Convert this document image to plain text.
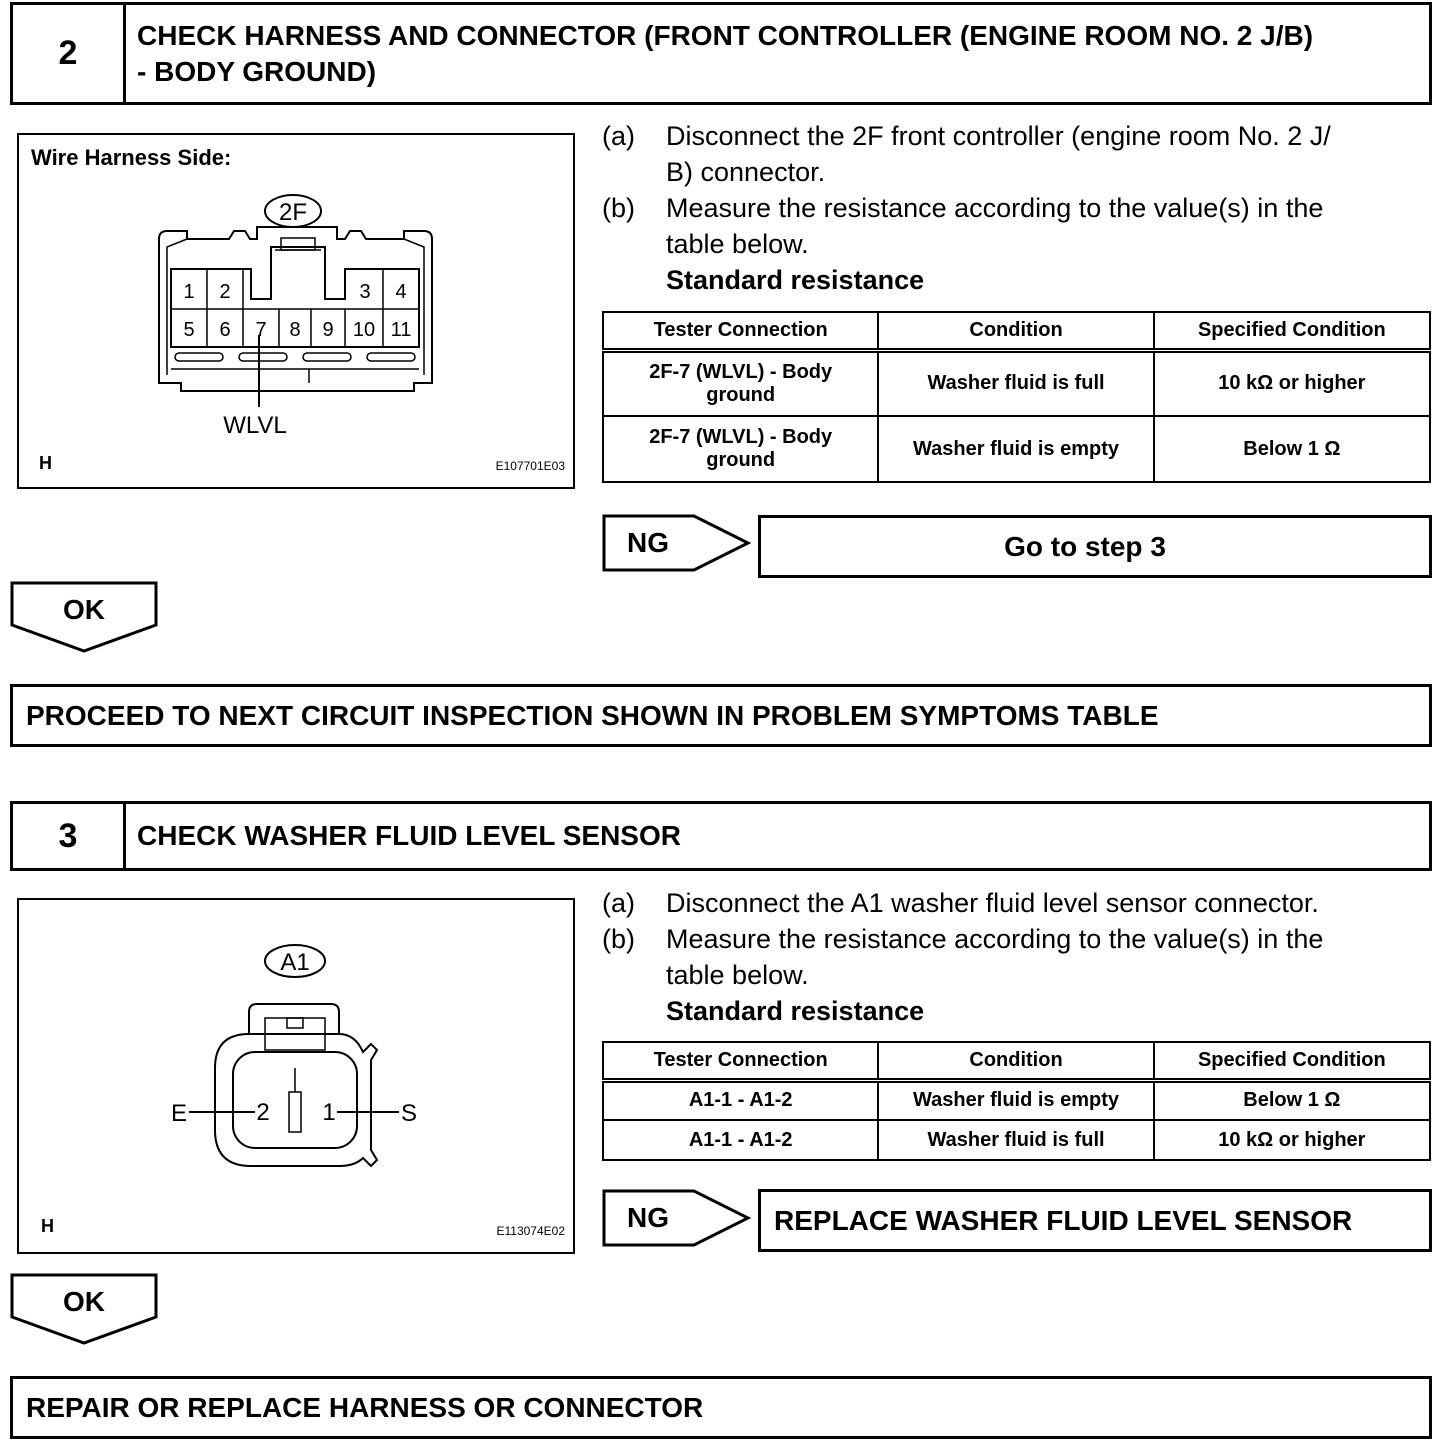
2	CHECK HARNESS AND CONNECTOR (FRONT CONTROLLER (ENGINE ROOM NO. 2 J/B)
- BODY GROUND)
Wire Harness Side:
2F
1 2	3 4
5 6 7 8 9 10 11
WLVL
H	E107701E03
(a)	Disconnect the 2F front controller (engine room No. 2 J/
B) connector.
(b)	Measure the resistance according to the value(s) in the
table below.
Standard resistance
Tester Connection	Condition	Specified Condition

2F-7 (WLVL) - Body
ground	Washer fluid is full	10 kΩ or higher

2F-7 (WLVL) - Body
ground	Washer fluid is empty	Below 1 Ω
NG	Go to step 3
OK
PROCEED TO NEXT CIRCUIT INSPECTION SHOWN IN PROBLEM SYMPTOMS TABLE
3	CHECK WASHER FLUID LEVEL SENSOR
A1
2 1
E	S
H	E113074E02
(a)	Disconnect the A1 washer fluid level sensor connector.
(b)	Measure the resistance according to the value(s) in the
table below.
Standard resistance
Tester Connection	Condition	Specified Condition
A1-1 - A1-2	Washer fluid is empty	Below 1 Ω
A1-1 - A1-2	Washer fluid is full	10 kΩ or higher
NG	REPLACE WASHER FLUID LEVEL SENSOR
OK
REPAIR OR REPLACE HARNESS OR CONNECTOR
